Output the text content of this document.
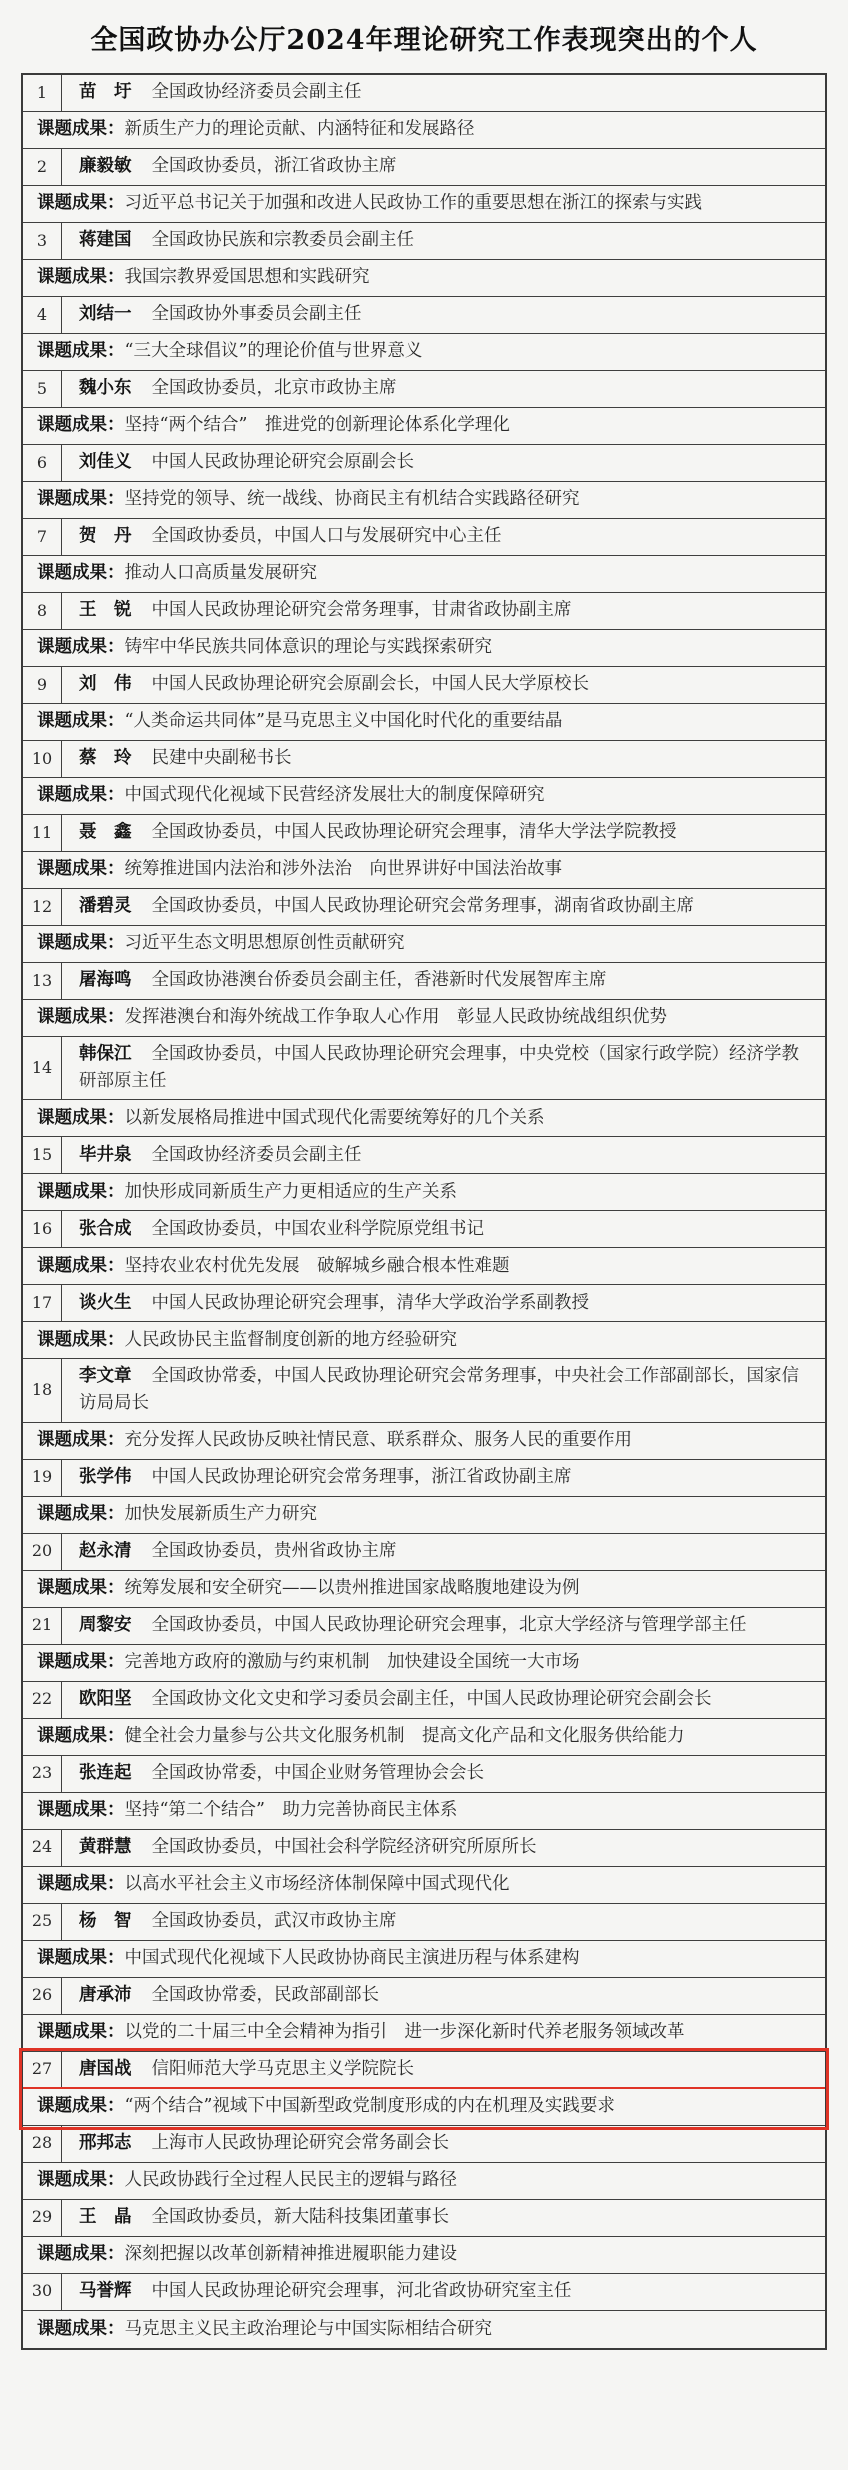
全国政协办公厅2024年理论研究工作表现突出的个人
1	苗　圩 全国政协经济委员会副主任
课题成果： 新质生产力的理论贡献、内涵特征和发展路径
2	廉毅敏 全国政协委员，浙江省政协主席
课题成果： 习近平总书记关于加强和改进人民政协工作的重要思想在浙江的探索与实践
3	蒋建国 全国政协民族和宗教委员会副主任
课题成果： 我国宗教界爱国思想和实践研究
4	刘结一 全国政协外事委员会副主任
课题成果： “三大全球倡议”的理论价值与世界意义
5	魏小东 全国政协委员，北京市政协主席
课题成果： 坚持“两个结合”　推进党的创新理论体系化学理化
6	刘佳义 中国人民政协理论研究会原副会长
课题成果： 坚持党的领导、统一战线、协商民主有机结合实践路径研究
7	贺　丹 全国政协委员，中国人口与发展研究中心主任
课题成果： 推动人口高质量发展研究
8	王　锐 中国人民政协理论研究会常务理事，甘肃省政协副主席
课题成果： 铸牢中华民族共同体意识的理论与实践探索研究
9	刘　伟 中国人民政协理论研究会原副会长，中国人民大学原校长
课题成果： “人类命运共同体”是马克思主义中国化时代化的重要结晶
10	蔡　玲 民建中央副秘书长
课题成果： 中国式现代化视域下民营经济发展壮大的制度保障研究
11	聂　鑫 全国政协委员，中国人民政协理论研究会理事，清华大学法学院教授
课题成果： 统筹推进国内法治和涉外法治　向世界讲好中国法治故事
12	潘碧灵 全国政协委员，中国人民政协理论研究会常务理事，湖南省政协副主席
课题成果： 习近平生态文明思想原创性贡献研究
13	屠海鸣 全国政协港澳台侨委员会副主任，香港新时代发展智库主席
课题成果： 发挥港澳台和海外统战工作争取人心作用　彰显人民政协统战组织优势
14
韩保江 全国政协委员，中国人民政协理论研究会理事，中央党校（国家行政学院）经济学教研部原主任
课题成果： 以新发展格局推进中国式现代化需要统筹好的几个关系
15	毕井泉 全国政协经济委员会副主任
课题成果： 加快形成同新质生产力更相适应的生产关系
16	张合成 全国政协委员，中国农业科学院原党组书记
课题成果： 坚持农业农村优先发展　破解城乡融合根本性难题
17	谈火生 中国人民政协理论研究会理事，清华大学政治学系副教授
课题成果： 人民政协民主监督制度创新的地方经验研究
18
李文章 全国政协常委，中国人民政协理论研究会常务理事，中央社会工作部副部长，国家信访局局长
课题成果： 充分发挥人民政协反映社情民意、联系群众、服务人民的重要作用
19	张学伟 中国人民政协理论研究会常务理事，浙江省政协副主席
课题成果： 加快发展新质生产力研究
20	赵永清 全国政协委员，贵州省政协主席
课题成果： 统筹发展和安全研究——以贵州推进国家战略腹地建设为例
21	周黎安 全国政协委员，中国人民政协理论研究会理事，北京大学经济与管理学部主任
课题成果： 完善地方政府的激励与约束机制　加快建设全国统一大市场
22	欧阳坚 全国政协文化文史和学习委员会副主任，中国人民政协理论研究会副会长
课题成果： 健全社会力量参与公共文化服务机制　提高文化产品和文化服务供给能力
23	张连起 全国政协常委，中国企业财务管理协会会长
课题成果： 坚持“第二个结合”　助力完善协商民主体系
24	黄群慧 全国政协委员，中国社会科学院经济研究所原所长
课题成果： 以高水平社会主义市场经济体制保障中国式现代化
25	杨　智 全国政协委员，武汉市政协主席
课题成果： 中国式现代化视域下人民政协协商民主演进历程与体系建构
26	唐承沛 全国政协常委，民政部副部长
课题成果： 以党的二十届三中全会精神为指引　进一步深化新时代养老服务领域改革
27	唐国战 信阳师范大学马克思主义学院院长
课题成果： “两个结合”视域下中国新型政党制度形成的内在机理及实践要求
28	邢邦志 上海市人民政协理论研究会常务副会长
课题成果： 人民政协践行全过程人民民主的逻辑与路径
29	王　晶 全国政协委员，新大陆科技集团董事长
课题成果： 深刻把握以改革创新精神推进履职能力建设
30	马誉辉 中国人民政协理论研究会理事，河北省政协研究室主任
课题成果： 马克思主义民主政治理论与中国实际相结合研究
